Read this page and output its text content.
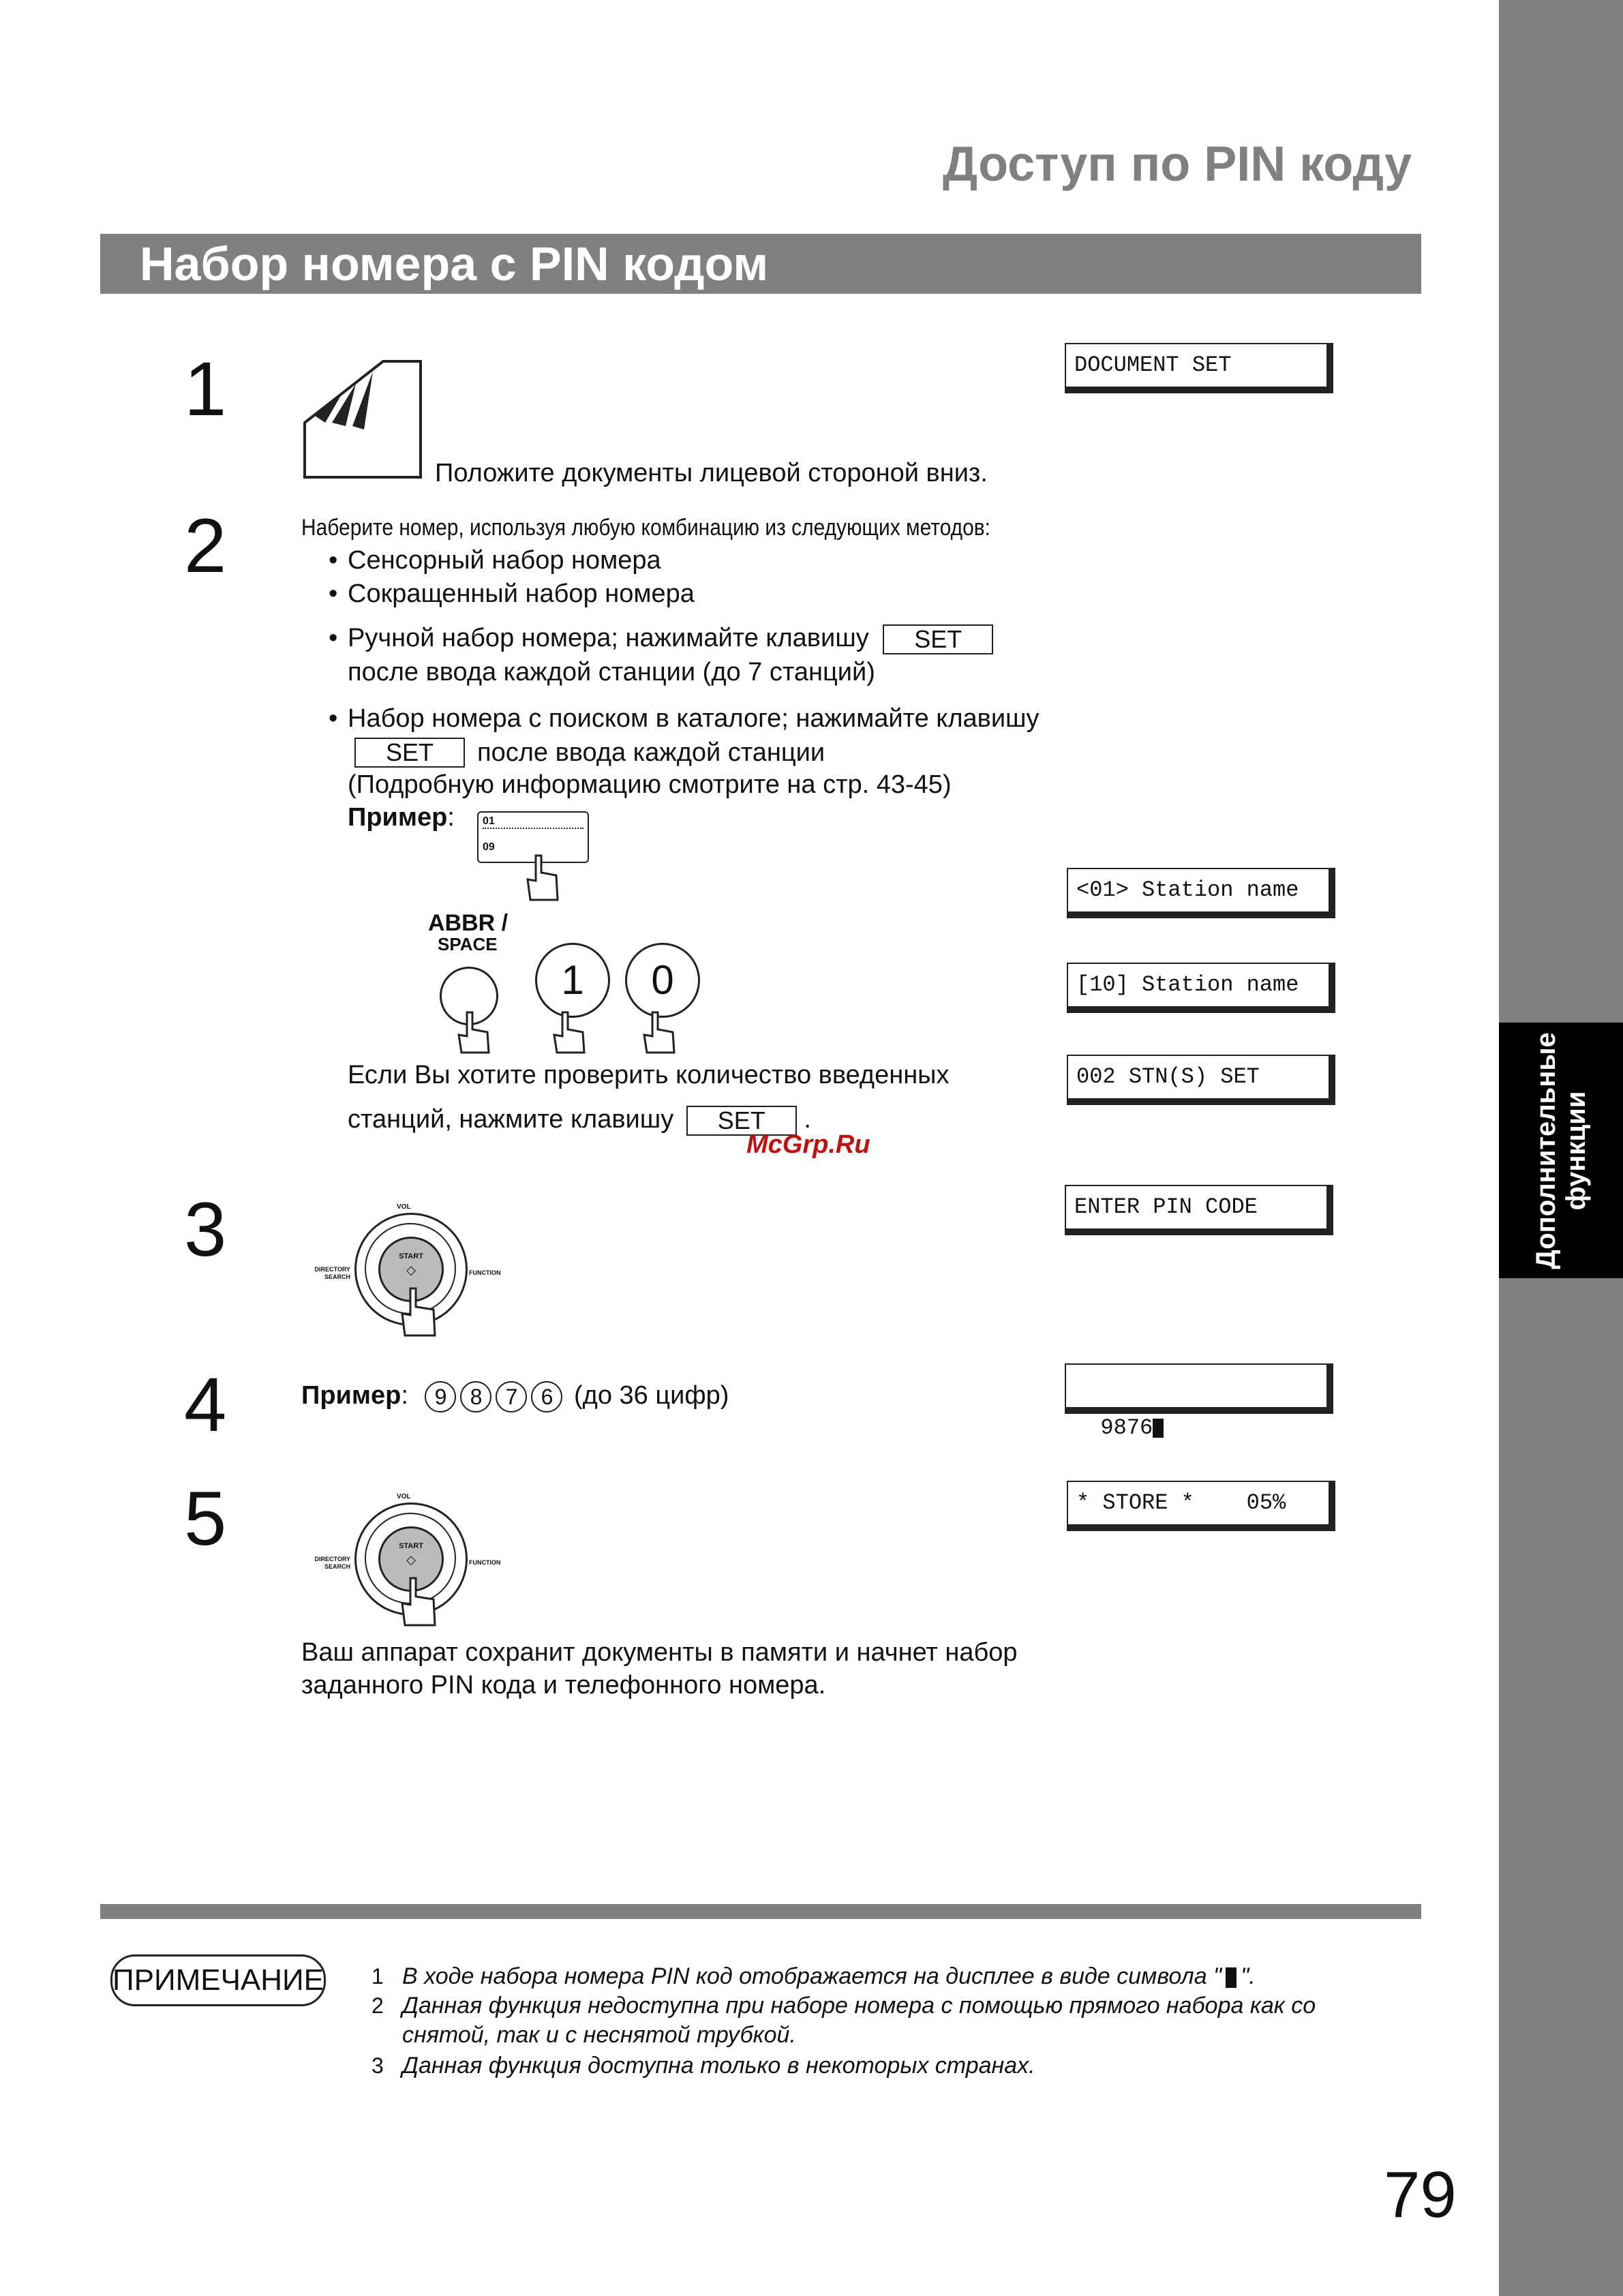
Дополнительные
функции
Доступ по PIN коду
Набор номера с PIN кодом
1
Положите документы лицевой стороной вниз.
DOCUMENT SET
2	Наберите номер, используя любую комбинацию из следующих методов:
• Сенсорный набор номера
• Сокращенный набор номера
• Ручной набор номера; нажимайте клавишу SET
после ввода каждой станции (до 7 станций)
• Набор номера с поиском в каталоге; нажимайте клавишу
SET	после ввода каждой станции
(Подробную информацию смотрите на стр. 43-45)
Пример:	01
09
ABBR /
SPACE
1	0
Если Вы хотите проверить количество введенных
станций, нажмите клавишу SET .
<01> Station name
[10] Station name
002 STN(S) SET
McGrp.Ru
3	VOL
START
◇
DIRECTORY
SEARCH
FUNCTION
ENTER PIN CODE
4	Пример: 9 8 7 6 (до 36 цифр)

9876

5	VOL
START
◇
DIRECTORY
SEARCH
FUNCTION
* STORE *    05%
Ваш аппарат сохранит документы в памяти и начнет набор
заданного PIN кода и телефонного номера.
ПРИМЕЧАНИЕ 1 В ходе набора номера PIN код отображается на дисплее в виде символа " ".
2 Данная функция недоступна при наборе номера с помощью прямого набора как со
снятой, так и с неснятой трубкой.
3 Данная функция доступна только в некоторых странах.
79
